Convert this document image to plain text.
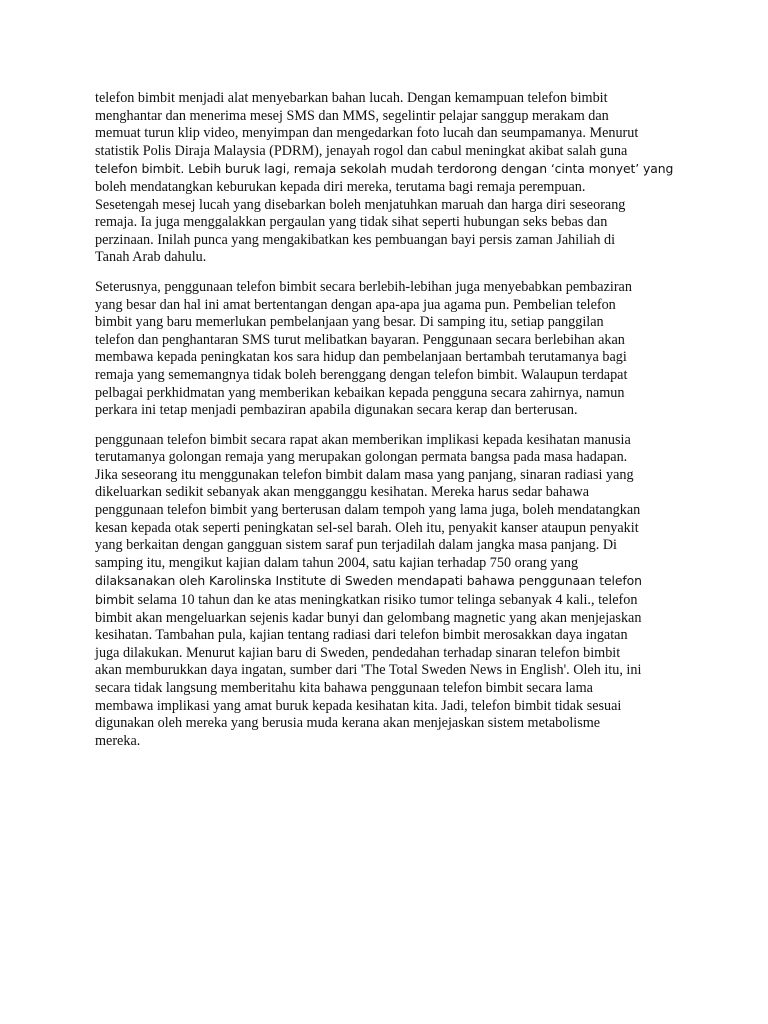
telefon bimbit menjadi alat menyebarkan bahan lucah. Dengan kemampuan telefon bimbit
menghantar dan menerima mesej SMS dan MMS, segelintir pelajar sanggup merakam dan
memuat turun klip video, menyimpan dan mengedarkan foto lucah dan seumpamanya. Menurut
statistik Polis Diraja Malaysia (PDRM), jenayah rogol dan cabul meningkat akibat salah guna
telefon bimbit. Lebih buruk lagi, remaja sekolah mudah terdorong dengan ‘cinta monyet’ yang
boleh mendatangkan keburukan kepada diri mereka, terutama bagi remaja perempuan.
Sesetengah mesej lucah yang disebarkan boleh menjatuhkan maruah dan harga diri seseorang
remaja. Ia juga menggalakkan pergaulan yang tidak sihat seperti hubungan seks bebas dan
perzinaan. Inilah punca yang mengakibatkan kes pembuangan bayi persis zaman Jahiliah di
Tanah Arab dahulu.
Seterusnya, penggunaan telefon bimbit secara berlebih-lebihan juga menyebabkan pembaziran
yang besar dan hal ini amat bertentangan dengan apa-apa jua agama pun. Pembelian telefon
bimbit yang baru memerlukan pembelanjaan yang besar. Di samping itu, setiap panggilan
telefon dan penghantaran SMS turut melibatkan bayaran. Penggunaan secara berlebihan akan
membawa kepada peningkatan kos sara hidup dan pembelanjaan bertambah terutamanya bagi
remaja yang sememangnya tidak boleh berenggang dengan telefon bimbit. Walaupun terdapat
pelbagai perkhidmatan yang memberikan kebaikan kepada pengguna secara zahirnya, namun
perkara ini tetap menjadi pembaziran apabila digunakan secara kerap dan berterusan.
penggunaan telefon bimbit secara rapat akan memberikan implikasi kepada kesihatan manusia
terutamanya golongan remaja yang merupakan golongan permata bangsa pada masa hadapan.
Jika seseorang itu menggunakan telefon bimbit dalam masa yang panjang, sinaran radiasi yang
dikeluarkan sedikit sebanyak akan mengganggu kesihatan. Mereka harus sedar bahawa
penggunaan telefon bimbit yang berterusan dalam tempoh yang lama juga, boleh mendatangkan
kesan kepada otak seperti peningkatan sel-sel barah. Oleh itu, penyakit kanser ataupun penyakit
yang berkaitan dengan gangguan sistem saraf pun terjadilah dalam jangka masa panjang. Di
samping itu, mengikut kajian dalam tahun 2004, satu kajian terhadap 750 orang yang
dilaksanakan oleh Karolinska Institute di Sweden mendapati bahawa penggunaan telefon
bimbit selama 10 tahun dan ke atas meningkatkan risiko tumor telinga sebanyak 4 kali., telefon
bimbit akan mengeluarkan sejenis kadar bunyi dan gelombang magnetic yang akan menjejaskan
kesihatan. Tambahan pula, kajian tentang radiasi dari telefon bimbit merosakkan daya ingatan
juga dilakukan. Menurut kajian baru di Sweden, pendedahan terhadap sinaran telefon bimbit
akan memburukkan daya ingatan, sumber dari 'The Total Sweden News in English'. Oleh itu, ini
secara tidak langsung memberitahu kita bahawa penggunaan telefon bimbit secara lama
membawa implikasi yang amat buruk kepada kesihatan kita. Jadi, telefon bimbit tidak sesuai
digunakan oleh mereka yang berusia muda kerana akan menjejaskan sistem metabolisme
mereka.
